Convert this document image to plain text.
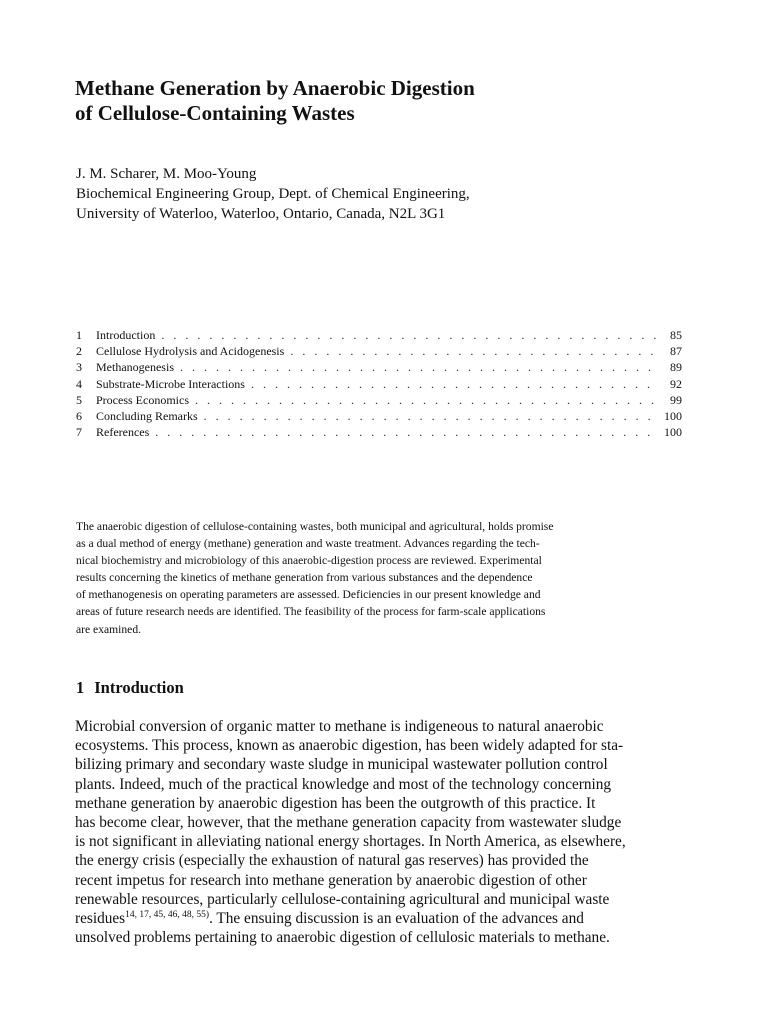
Methane Generation by Anaerobic Digestion
of Cellulose-Containing Wastes
J. M. Scharer, M. Moo-Young
Biochemical Engineering Group, Dept. of Chemical Engineering,
University of Waterloo, Waterloo, Ontario, Canada, N2L 3G1
1	Introduction . . .	85
2	Cellulose Hydrolysis and Acidogenesis . . .	87
3	Methanogenesis . . .	89
4	Substrate-Microbe Interactions . . .	92
5	Process Economics . . .	99
6	Concluding Remarks . . .	100
7	References . . .	100

The anaerobic digestion of cellulose-containing wastes, both municipal and agricultural, holds promise
as a dual method of energy (methane) generation and waste treatment. Advances regarding the tech-
nical biochemistry and microbiology of this anaerobic-digestion process are reviewed. Experimental
results concerning the kinetics of methane generation from various substances and the dependence
of methanogenesis on operating parameters are assessed. Deficiencies in our present knowledge and
areas of future research needs are identified. The feasibility of the process for farm-scale applications
are examined.

1 Introduction

Microbial conversion of organic matter to methane is indigeneous to natural anaerobic
ecosystems. This process, known as anaerobic digestion, has been widely adapted for sta-
bilizing primary and secondary waste sludge in municipal wastewater pollution control
plants. Indeed, much of the practical knowledge and most of the technology concerning
methane generation by anaerobic digestion has been the outgrowth of this practice. It
has become clear, however, that the methane generation capacity from wastewater sludge
is not significant in alleviating national energy shortages. In North America, as elsewhere,
the energy crisis (especially the exhaustion of natural gas reserves) has provided the
recent impetus for research into methane generation by anaerobic digestion of other
renewable resources, particularly cellulose-containing agricultural and municipal waste
residues$^{14, 17, 45, 46, 48, 55)}$. The ensuing discussion is an evaluation of the advances and
unsolved problems pertaining to anaerobic digestion of cellulosic materials to methane.
